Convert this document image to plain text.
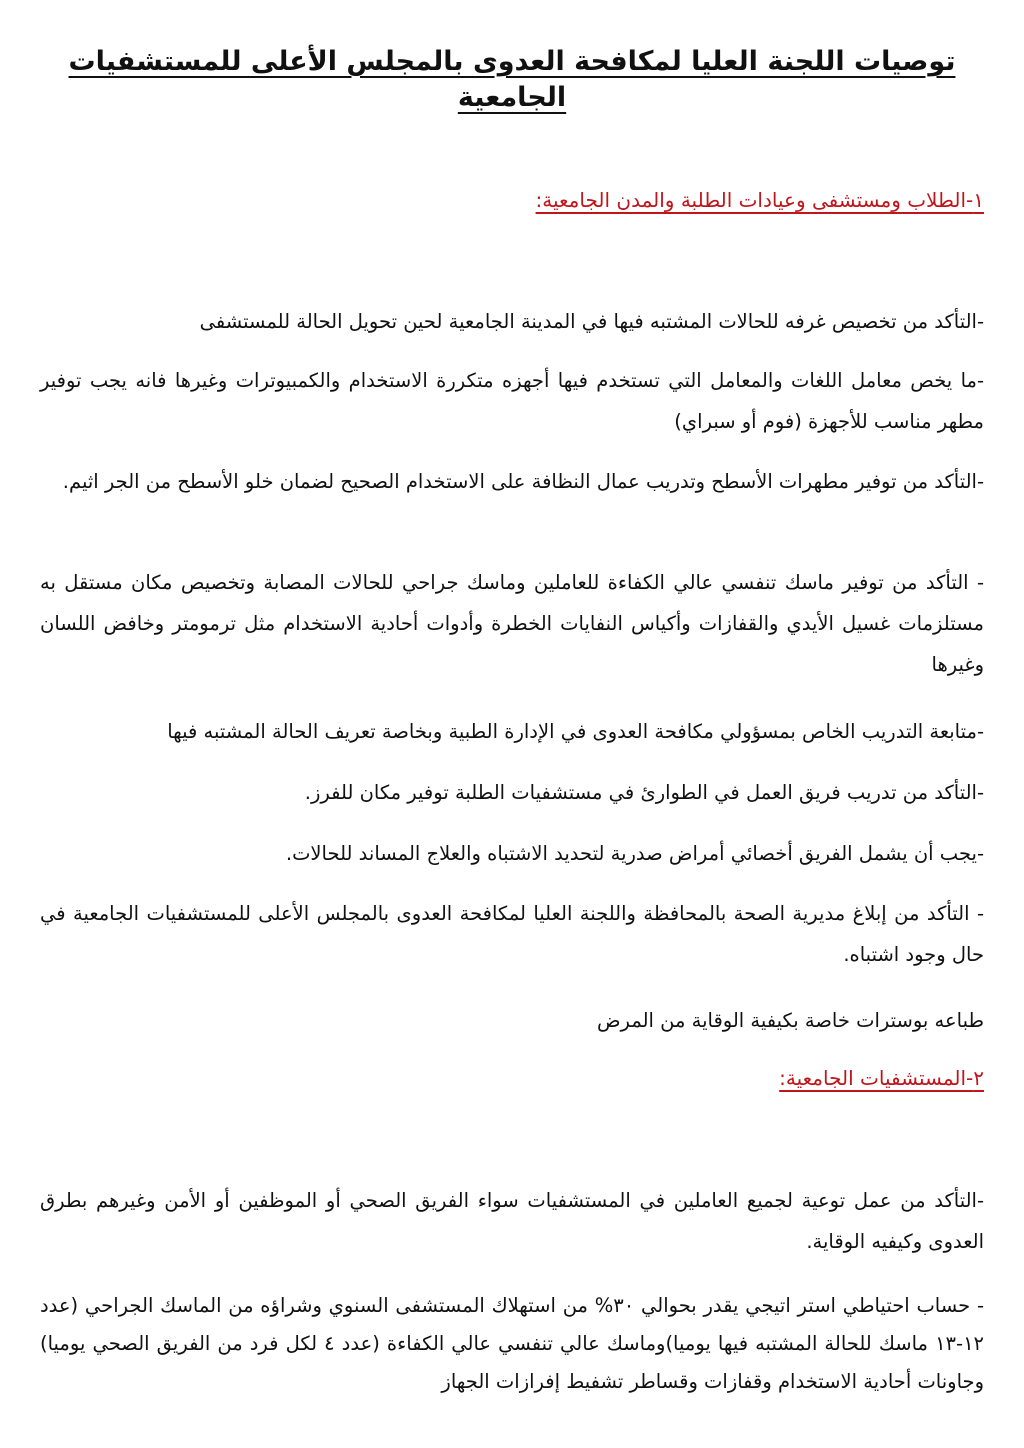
توصيات اللجنة العليا لمكافحة العدوى بالمجلس الأعلى للمستشفيات الجامعية
١-الطلاب ومستشفى وعيادات الطلبة والمدن الجامعية:

-التأكد من تخصيص غرفه للحالات المشتبه فيها في المدينة الجامعية لحين تحويل الحالة للمستشفى

-ما يخص معامل اللغات والمعامل التي تستخدم فيها أجهزه متكررة الاستخدام والكمبيوترات وغيرها فانه يجب توفير مطهر مناسب للأجهزة (فوم أو سبراي)

-التأكد من توفير مطهرات الأسطح وتدريب عمال النظافة على الاستخدام الصحيح لضمان خلو الأسطح من الجر اثيم.

- التأكد من توفير ماسك تنفسي عالي الكفاءة للعاملين وماسك جراحي للحالات المصابة وتخصيص مكان مستقل به مستلزمات غسيل الأيدي والقفازات وأكياس النفايات الخطرة وأدوات أحادية الاستخدام مثل ترمومتر وخافض اللسان وغيرها

-متابعة التدريب الخاص بمسؤولي مكافحة العدوى في الإدارة الطبية وبخاصة تعريف الحالة المشتبه فيها

-التأكد من تدريب فريق العمل في الطوارئ في مستشفيات الطلبة توفير مكان للفرز.

-يجب أن يشمل الفريق أخصائي أمراض صدرية لتحديد الاشتباه والعلاج المساند للحالات.

- التأكد من إبلاغ مديرية الصحة بالمحافظة واللجنة العليا لمكافحة العدوى بالمجلس الأعلى للمستشفيات الجامعية في حال وجود اشتباه.

طباعه بوسترات خاصة بكيفية الوقاية من المرض

٢-المستشفيات الجامعية:

-التأكد من عمل توعية لجميع العاملين في المستشفيات سواء الفريق الصحي أو الموظفين أو الأمن وغيرهم بطرق العدوى وكيفيه الوقاية.

- حساب احتياطي استر اتيجي يقدر بحوالي ٣٠% من استهلاك المستشفى السنوي وشراؤه من الماسك الجراحي (عدد ١٢-١٣ ماسك للحالة المشتبه فيها يوميا)وماسك عالي تنفسي عالي الكفاءة (عدد ٤ لكل فرد من الفريق الصحي يوميا) وجاونات أحادية الاستخدام وقفازات وقساطر تشفيط إفرازات الجهاز
